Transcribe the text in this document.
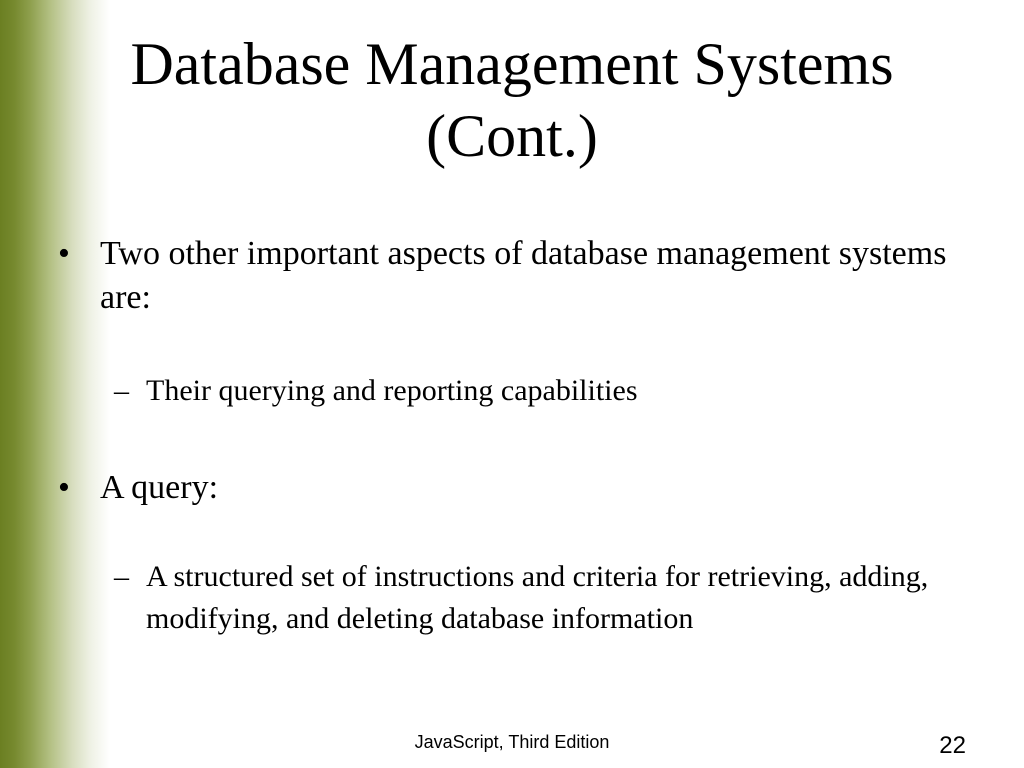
Database Management Systems
(Cont.)
• Two other important aspects of database management systems are:
– Their querying and reporting capabilities
• A query:
– A structured set of instructions and criteria for retrieving, adding, modifying, and deleting database information
JavaScript, Third Edition	22
